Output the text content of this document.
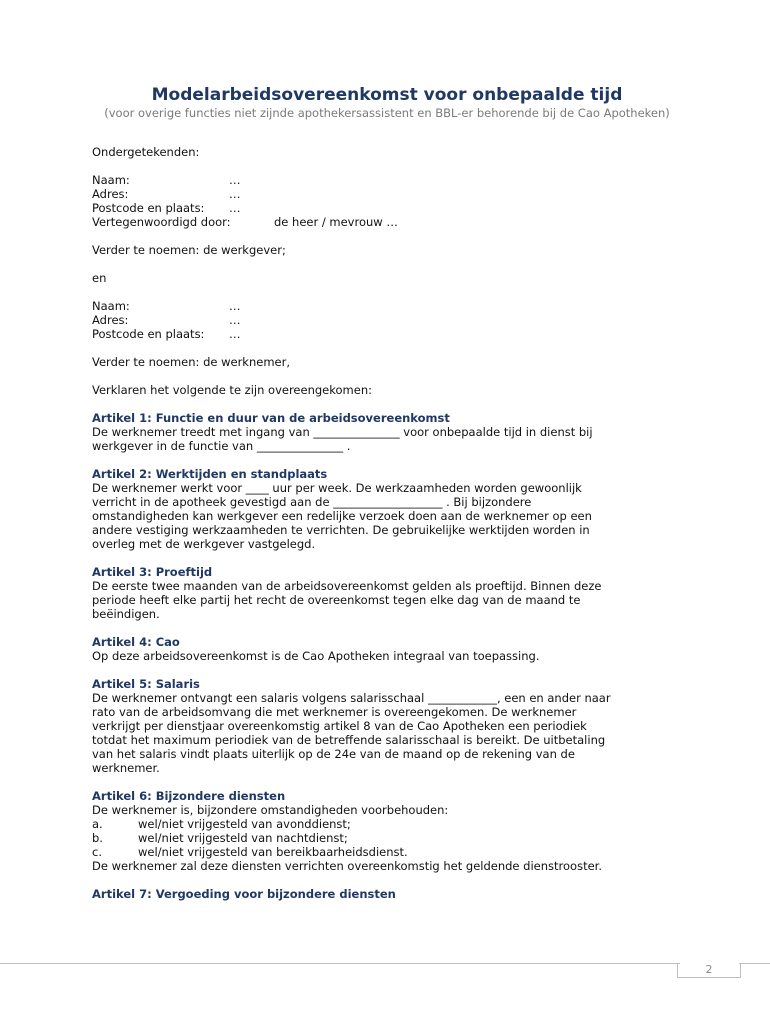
Modelarbeidsovereenkomst voor onbepaalde tijd
(voor overige functies niet zijnde apothekersassistent en BBL-er behorende bij de Cao Apotheken)

Ondergetekenden:

Naam:	…
Adres:	…
Postcode en plaats:	…
Vertegenwoordigd door:	de heer / mevrouw …

Verder te noemen: de werkgever;

en

Naam:	…
Adres:	…
Postcode en plaats:	…

Verder te noemen: de werknemer,

Verklaren het volgende te zijn overeengekomen:

Artikel 1: Functie en duur van de arbeidsovereenkomst

De werknemer treedt met ingang van _______________ voor onbepaalde tijd in dienst bij

werkgever in de functie van _______________ .

Artikel 2: Werktijden en standplaats

De werknemer werkt voor ____ uur per week. De werkzaamheden worden gewoonlijk

verricht in de apotheek gevestigd aan de ___________________ . Bij bijzondere

omstandigheden kan werkgever een redelijke verzoek doen aan de werknemer op een

andere vestiging werkzaamheden te verrichten. De gebruikelijke werktijden worden in

overleg met de werkgever vastgelegd.

Artikel 3: Proeftijd

De eerste twee maanden van de arbeidsovereenkomst gelden als proeftijd. Binnen deze

periode heeft elke partij het recht de overeenkomst tegen elke dag van de maand te

beëindigen.

Artikel 4: Cao

Op deze arbeidsovereenkomst is de Cao Apotheken integraal van toepassing.

Artikel 5: Salaris

De werknemer ontvangt een salaris volgens salarisschaal ____________, een en ander naar

rato van de arbeidsomvang die met werknemer is overeengekomen. De werknemer

verkrijgt per dienstjaar overeenkomstig artikel 8 van de Cao Apotheken een periodiek

totdat het maximum periodiek van de betreffende salarisschaal is bereikt. De uitbetaling

van het salaris vindt plaats uiterlijk op de 24e van de maand op de rekening van de

werknemer.

Artikel 6: Bijzondere diensten

De werknemer is, bijzondere omstandigheden voorbehouden:

a.	wel/niet vrijgesteld van avonddienst;
b.	wel/niet vrijgesteld van nachtdienst;
c.	wel/niet vrijgesteld van bereikbaarheidsdienst.

De werknemer zal deze diensten verrichten overeenkomstig het geldende dienstrooster.

Artikel 7: Vergoeding voor bijzondere diensten

2
